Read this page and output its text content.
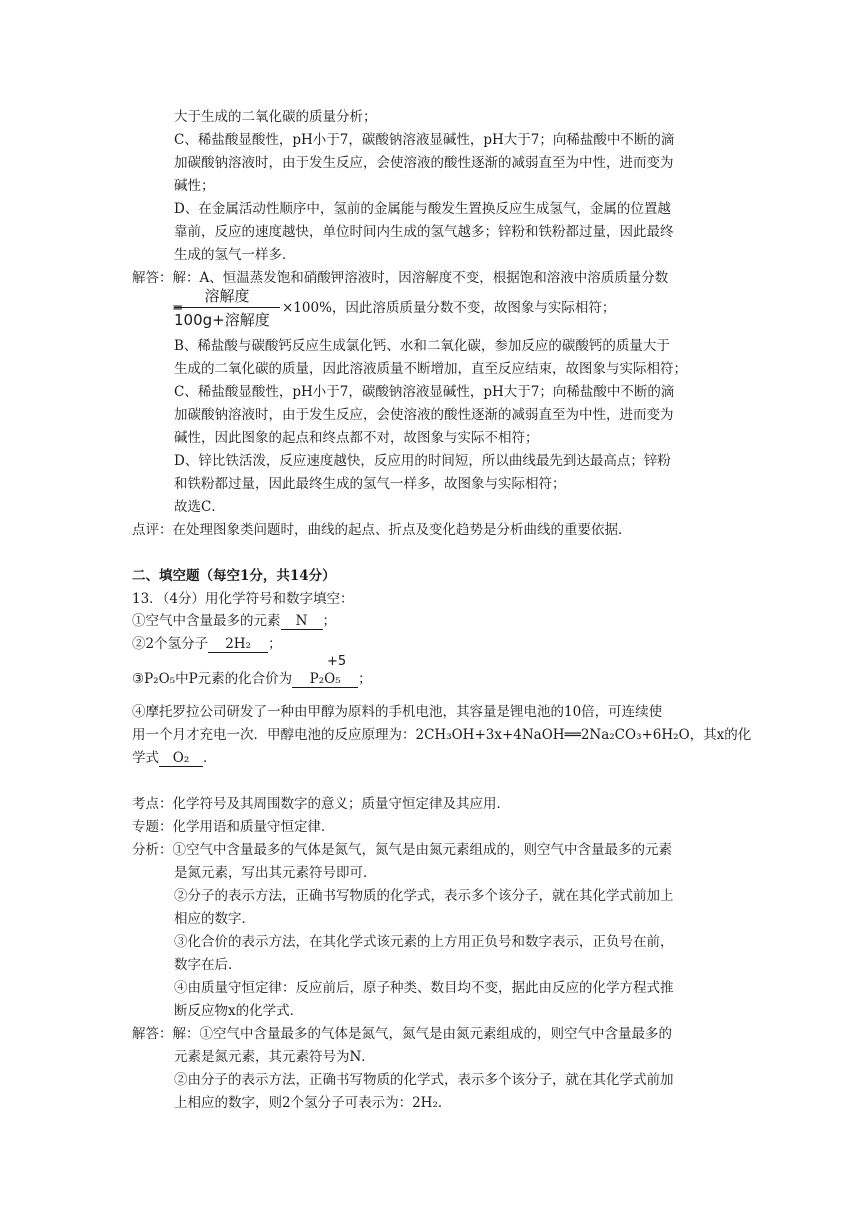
大于生成的二氧化碳的质量分析；
C、稀盐酸显酸性，pH小于7，碳酸钠溶液显碱性，pH大于7；向稀盐酸中不断的滴
加碳酸钠溶液时，由于发生反应，会使溶液的酸性逐渐的减弱直至为中性，进而变为
碱性；
D、在金属活动性顺序中，氢前的金属能与酸发生置换反应生成氢气，金属的位置越
靠前，反应的速度越快，单位时间内生成的氢气越多；锌粉和铁粉都过量，因此最终
生成的氢气一样多．
解答：解：A、恒温蒸发饱和硝酸钾溶液时，因溶解度不变，根据饱和溶液中溶质质量分数
=
溶解度
100g+溶解度
×100%，因此溶质质量分数不变，故图象与实际相符；
B、稀盐酸与碳酸钙反应生成氯化钙、水和二氧化碳，参加反应的碳酸钙的质量大于
生成的二氧化碳的质量，因此溶液质量不断增加，直至反应结束，故图象与实际相符；
C、稀盐酸显酸性，pH小于7，碳酸钠溶液显碱性，pH大于7；向稀盐酸中不断的滴
加碳酸钠溶液时，由于发生反应，会使溶液的酸性逐渐的减弱直至为中性，进而变为
碱性，因此图象的起点和终点都不对，故图象与实际不相符；
D、锌比铁活泼，反应速度越快，反应用的时间短，所以曲线最先到达最高点；锌粉
和铁粉都过量，因此最终生成的氢气一样多，故图象与实际相符；
故选C．
点评：在处理图象类问题时，曲线的起点、折点及变化趋势是分析曲线的重要依据．
二、填空题（每空1分，共14分）
13．（4分）用化学符号和数字填空：
①空气中含量最多的元素 N ；
②2个氢分子 2H₂ ；
+5
③P₂O₅中P元素的化合价为 P₂O₅ ；
④摩托罗拉公司研发了一种由甲醇为原料的手机电池，其容量是锂电池的10倍，可连续使
用一个月才充电一次．甲醇电池的反应原理为：2CH₃OH+3x+4NaOH══2Na₂CO₃+6H₂O，其x的化
学式 O₂ ．
考点：化学符号及其周围数字的意义；质量守恒定律及其应用．
专题：化学用语和质量守恒定律．
分析：①空气中含量最多的气体是氮气，氮气是由氮元素组成的，则空气中含量最多的元素
是氮元素，写出其元素符号即可．
②分子的表示方法，正确书写物质的化学式，表示多个该分子，就在其化学式前加上
相应的数字．
③化合价的表示方法，在其化学式该元素的上方用正负号和数字表示，正负号在前，
数字在后．
④由质量守恒定律：反应前后，原子种类、数目均不变，据此由反应的化学方程式推
断反应物x的化学式．
解答：解：①空气中含量最多的气体是氮气，氮气是由氮元素组成的，则空气中含量最多的
元素是氮元素，其元素符号为N．
②由分子的表示方法，正确书写物质的化学式，表示多个该分子，就在其化学式前加
上相应的数字，则2个氢分子可表示为：2H₂．
